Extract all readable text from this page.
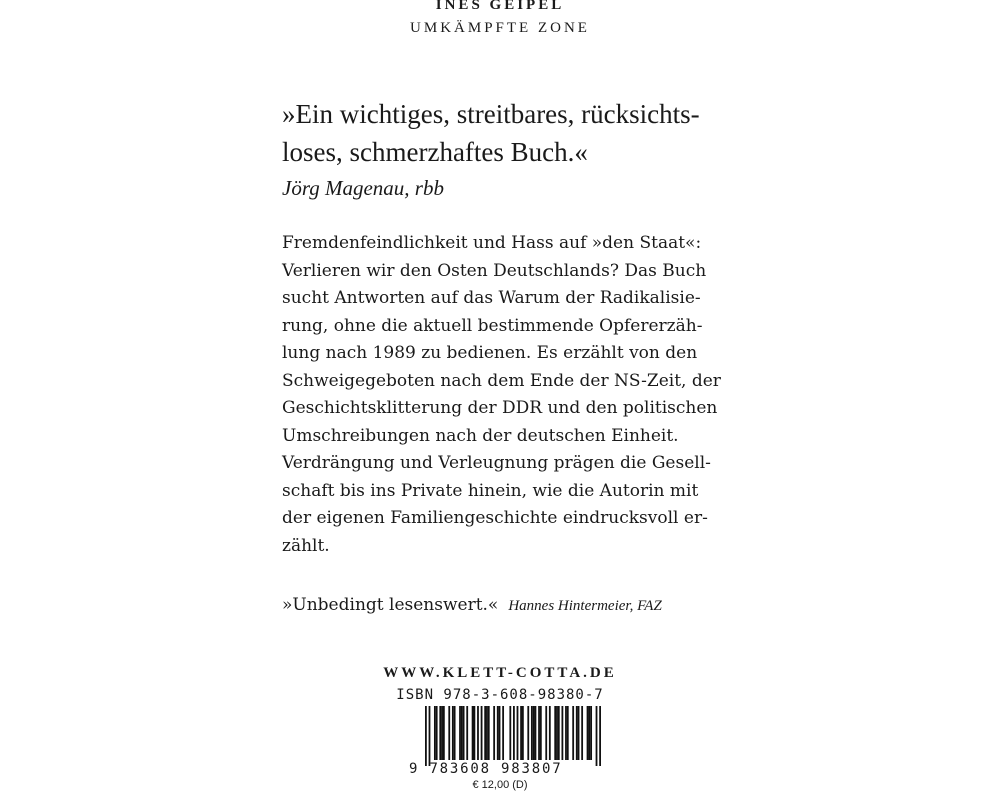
INES GEIPEL
UMKÄMPFTE ZONE

»Ein wichtiges, streitbares, rücksichts-
loses, schmerzhaftes Buch.«

Jörg Magenau, rbb
Fremdenfeindlichkeit und Hass auf »den Staat«:
Verlieren wir den Osten Deutschlands? Das Buch
sucht Antworten auf das Warum der Radikalisie-
rung, ohne die aktuell bestimmende Opfererzäh-
lung nach 1989 zu bedienen. Es erzählt von den
Schweigegeboten nach dem Ende der NS-Zeit, der
Geschichtsklitterung der DDR und den politischen
Umschreibungen nach der deutschen Einheit.
Verdrängung und Verleugnung prägen die Gesell-
schaft bis ins Private hinein, wie die Autorin mit
der eigenen Familiengeschichte eindrucksvoll er-
zählt.
»Unbedingt lesenswert.« Hannes Hintermeier, FAZ
WWW.KLETT-COTTA.DE
ISBN 978-3-608-98380-7
9 783608 983807
€ 12,00 (D)
